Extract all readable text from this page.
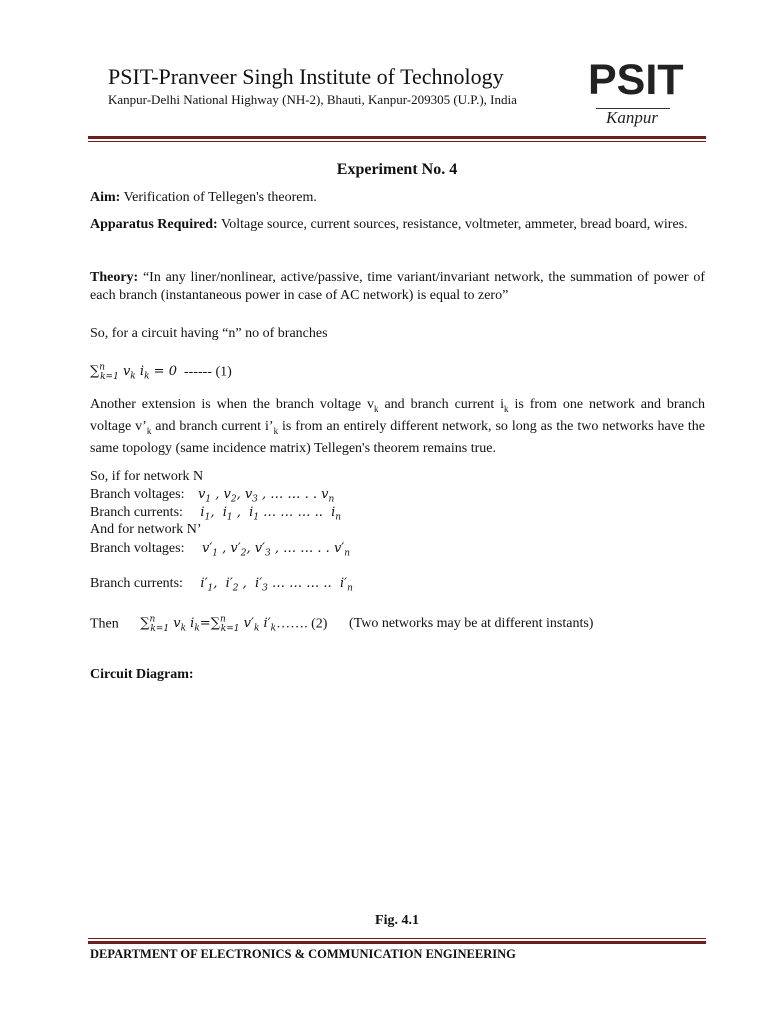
PSIT-Pranveer Singh Institute of Technology
Kanpur-Delhi National Highway (NH-2), Bhauti, Kanpur-209305 (U.P.), India PSIT
Kanpur
Experiment No. 4
Aim: Verification of Tellegen's theorem.
Apparatus Required: Voltage source, current sources, resistance, voltmeter, ammeter, bread board, wires.
Theory: “In any liner/nonlinear, active/passive, time variant/invariant network, the summation of power of each branch (instantaneous power in case of AC network) is equal to zero”
So, for a circuit having “n” no of branches
∑$^n_{k=1}$ $v_k$ $i_k = 0$ ------ (1)
Another extension is when the branch voltage $v_k$ and branch current $i_k$ is from one network and branch voltage $v’_k$ and branch current $i’_k$ is from an entirely different network, so long as the two networks have the same topology (same incidence matrix) Tellegen's theorem remains true.
So, if for network N
Branch voltages: $v_1$ , $v_2$, $v_3$ , … … . . $v_n$
Branch currents: $i_1$,  $i_1$ ,  $i_1$ … … … ..  $i_n$
And for network N’
Branch voltages: $v'_1$ , $v'_2$, $v'_3$ , … … . . $v'_n$
Branch currents: $i'_1$,  $i'_2$ ,  $i'_3$ … … … ..  $i'_n$
Then ∑$^n_{k=1}$ $v_k$ $i_k=\sum^n_{k=1}$ $v'_k$ $i'_k\dots\dots$. (2) (Two networks may be at different instants)
Circuit Diagram:
Fig. 4.1
DEPARTMENT OF ELECTRONICS & COMMUNICATION ENGINEERING
